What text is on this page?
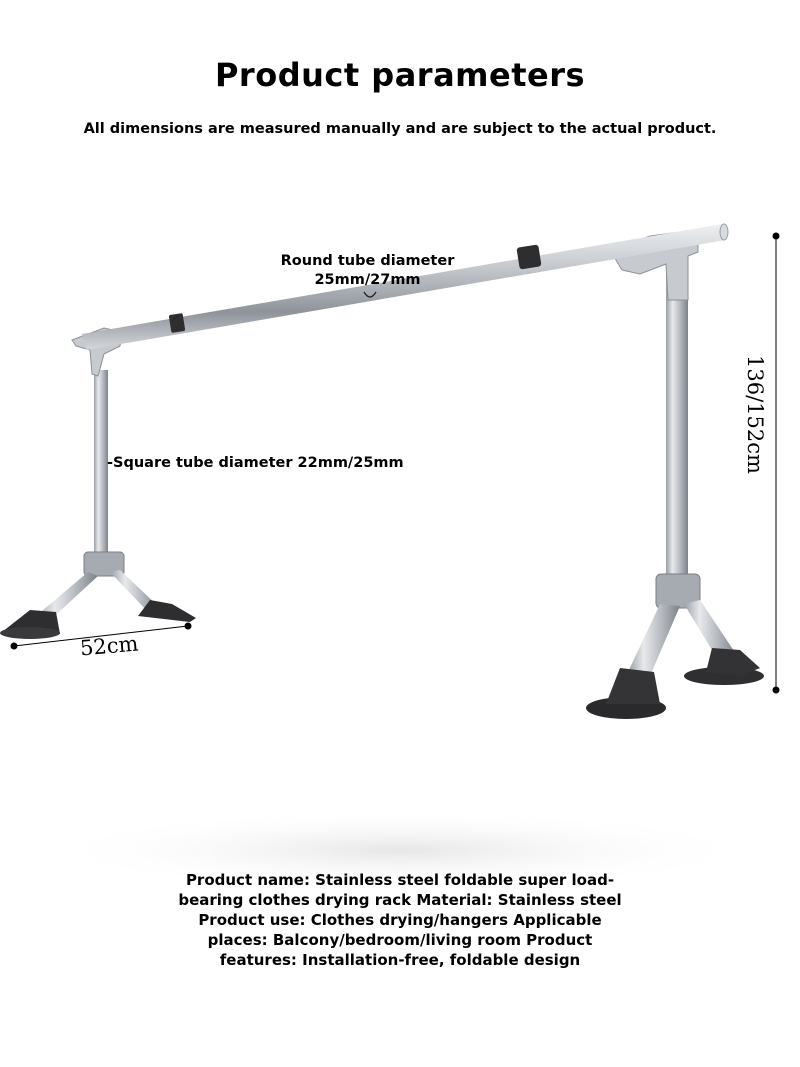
Product parameters
All dimensions are measured manually and are subject to the actual product.
Round tube diameter
25mm/27mm
-Square tube diameter 22mm/25mm
52cm
136/152cm
Product name: Stainless steel foldable super load-bearing clothes drying rack Material: Stainless steel Product use: Clothes drying/hangers Applicable places: Balcony/bedroom/living room Product features: Installation-free, foldable design
